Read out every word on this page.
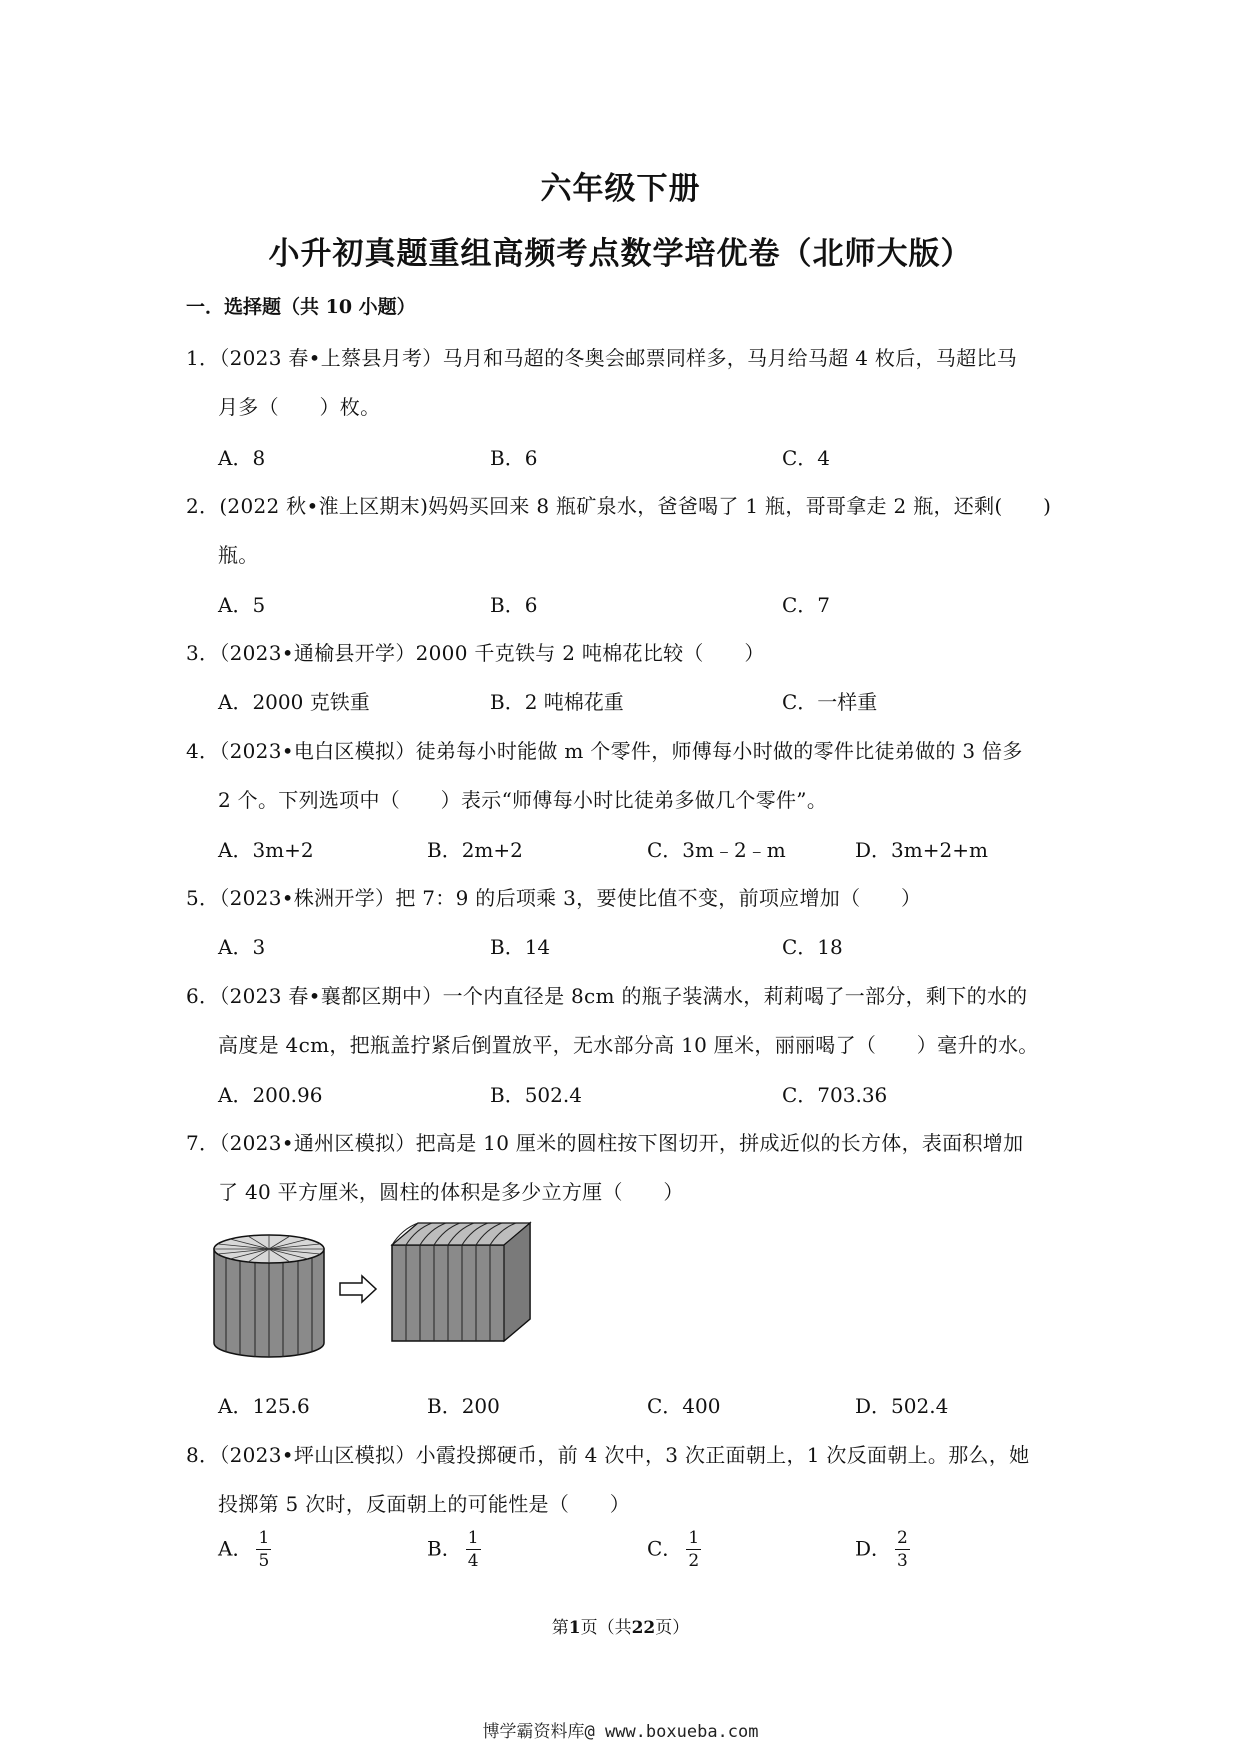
六年级下册
小升初真题重组高频考点数学培优卷（北师大版）
一．选择题（共 10 小题）
1．（2023 春•上蔡县月考）马月和马超的冬奥会邮票同样多，马月给马超 4 枚后，马超比马
月多（　　）枚。
A．8	B．6	C．4
2．(2022 秋•淮上区期末)妈妈买回来 8 瓶矿泉水，爸爸喝了 1 瓶，哥哥拿走 2 瓶，还剩(　　)
瓶。
A．5	B．6	C．7
3．（2023•通榆县开学）2000 千克铁与 2 吨棉花比较（　　）
A．2000 克铁重	B．2 吨棉花重	C．一样重
4．（2023•电白区模拟）徒弟每小时能做 m 个零件，师傅每小时做的零件比徒弟做的 3 倍多
2 个。下列选项中（　　）表示“师傅每小时比徒弟多做几个零件”。
A．3m+2	B．2m+2	C．3m﹣2﹣m	D．3m+2+m
5．（2023•株洲开学）把 7：9 的后项乘 3，要使比值不变，前项应增加（　　）
A．3	B．14	C．18
6．（2023 春•襄都区期中）一个内直径是 8cm 的瓶子装满水，莉莉喝了一部分，剩下的水的
高度是 4cm，把瓶盖拧紧后倒置放平，无水部分高 10 厘米，丽丽喝了（　　）毫升的水。
A．200.96	B．502.4	C．703.36
7．（2023•通州区模拟）把高是 10 厘米的圆柱按下图切开，拼成近似的长方体，表面积增加
了 40 平方厘米，圆柱的体积是多少立方厘（　　）
A．125.6	B．200	C．400	D．502.4
8．（2023•坪山区模拟）小霞投掷硬币，前 4 次中，3 次正面朝上，1 次反面朝上。那么，她
投掷第 5 次时，反面朝上的可能性是（　　）
A． $\frac{1}{5}$	B． $\frac{1}{4}$	C． $\frac{1}{2}$	D． $\frac{2}{3}$
第1页（共22页）
博学霸资料库@ www.boxueba.com
